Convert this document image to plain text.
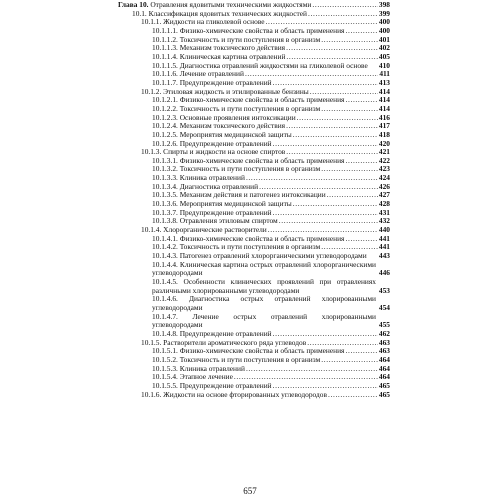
Глава 10. Отравления ядовитыми техническими жидкостями . . .	398
10.1. Классификация ядовитых технических жидкостей . . .	399
10.1.1. Жидкости на гликолевой основе . . .	400
10.1.1.1. Физико-химические свойства и область применения . . .	400
10.1.1.2. Токсичность и пути поступления в организм . . .	401
10.1.1.3. Механизм токсического действия . . .	402
10.1.1.4. Клиническая картина отравлений . . .	405
10.1.1.5. Диагностика отравлений жидкостями на гликолевой основе 410
10.1.1.6. Лечение отравлений . . .	411
10.1.1.7. Предупреждение отравлений . . .	413
10.1.2. Этиловая жидкость и этилированные бензины . . .	414
10.1.2.1. Физико-химические свойства и область применения . . .	414
10.1.2.2. Токсичность и пути поступления в организм . . .	414
10.1.2.3. Основные проявления интоксикации . . .	416
10.1.2.4. Механизм токсического действия . . .	417
10.1.2.5. Мероприятия медицинской защиты . . .	418
10.1.2.6. Предупреждение отравлений . . .	420
10.1.3. Спирты и жидкости на основе спиртов . . .	421
10.1.3.1. Физико-химические свойства и область применения . . .	422
10.1.3.2. Токсичность и пути поступления в организм . . .	423
10.1.3.3. Клиника отравлений . . .	424
10.1.3.4. Диагностика отравлений . . .	426
10.1.3.5. Механизм действия и патогенез интоксикации . . .	427
10.1.3.6. Мероприятия медицинской защиты . . .	428
10.1.3.7. Предупреждение отравлений . . .	431
10.1.3.8. Отравления этиловым спиртом . . .	432
10.1.4. Хлорорганические растворители . . .	440
10.1.4.1. Физико-химические свойства и область применения . . .	441
10.1.4.2. Токсичность и пути поступления в организм . . .	441
10.1.4.3. Патогенез отравлений хлорорганическими углеводородами 443
10.1.4.4. Клиническая картина острых отравлений хлорорганическими углеводородами	446
10.1.4.5. Особенности клинических проявлений при отравлениях различными хлорированными углеводородами	453
10.1.4.6. Диагностика острых отравлений хлорированными углеводородами	454
10.1.4.7. Лечение острых отравлений хлорированными углеводородами	455
10.1.4.8. Предупреждение отравлений . . .	462
10.1.5. Растворители ароматического ряда углеводов . . .	463
10.1.5.1. Физико-химические свойства и область применения . . .	463
10.1.5.2. Токсичность и пути поступления в организм . . .	464
10.1.5.3. Клиника отравлений . . .	464
10.1.5.4. Этапное лечение . . .	464
10.1.5.5. Предупреждение отравлений . . .	465
10.1.6. Жидкости на основе фторированных углеводородов . . .	465
657
